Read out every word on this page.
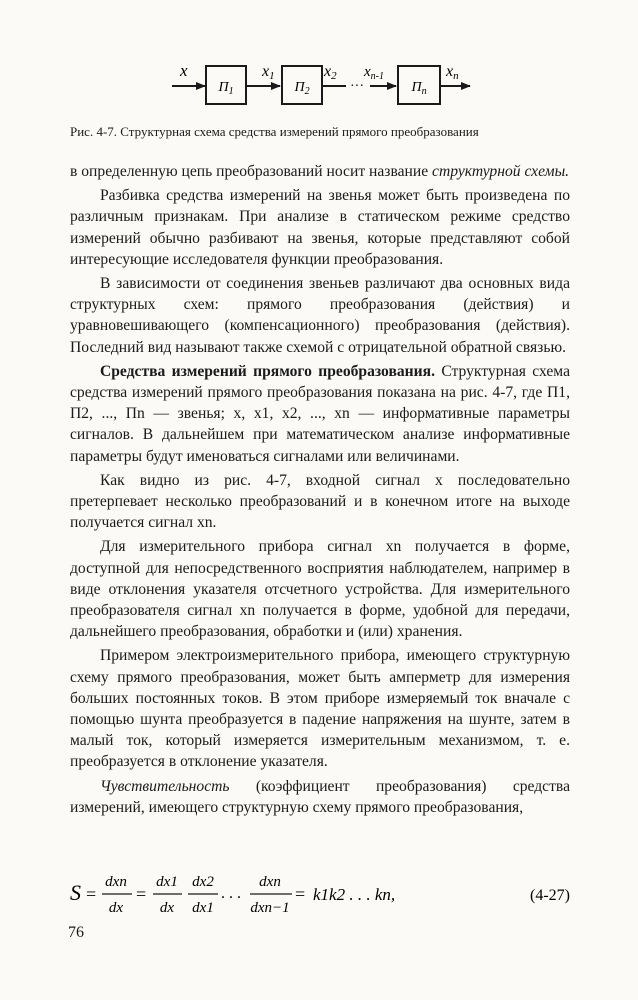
x
$П_1$
x1
$П_2$
x2
···
$x_{n-1}$
$П_n$
xn
Рис. 4-7. Структурная схема средства измерений прямого преобразования

в определенную цепь преобразований носит название структурной схемы.

Разбивка средства измерений на звенья может быть произведена по различным признакам. При анализе в статическом режиме средство измерений обычно разбивают на звенья, которые представляют собой интересующие исследователя функции преобразования.

В зависимости от соединения звеньев различают два основных вида структурных схем: прямого преобразования (действия) и уравновешивающего (компенсационного) преобразования (действия). Последний вид называют также схемой с отрицательной обратной связью.

Средства измерений прямого преобразования. Структурная схема средства измерений прямого преобразования показана на рис. 4-7, где П1, П2, ..., Пn — звенья; x, x1, x2, ..., xn — информативные параметры сигналов. В дальнейшем при математическом анализе информативные параметры будут именоваться сигналами или величинами.

Как видно из рис. 4-7, входной сигнал x последовательно претерпевает несколько преобразований и в конечном итоге на выходе получается сигнал xn.

Для измерительного прибора сигнал xn получается в форме, доступной для непосредственного восприятия наблюдателем, например в виде отклонения указателя отсчетного устройства. Для измерительного преобразователя сигнал xn получается в форме, удобной для передачи, дальнейшего преобразования, обработки и (или) хранения.

Примером электроизмерительного прибора, имеющего структурную схему прямого преобразования, может быть амперметр для измерения больших постоянных токов. В этом приборе измеряемый ток вначале с помощью шунта преобразуется в падение напряжения на шунте, затем в малый ток, который измеряется измерительным механизмом, т. е. преобразуется в отклонение указателя.

Чувствительность (коэффициент преобразования) средства измерений, имеющего структурную схему прямого преобразования,

S =
dxn
dx
=
dx1
dx
dx2
dx1
. . .
dxn
dxn−1
= k1k2 . . . kn,	(4-27)
76
